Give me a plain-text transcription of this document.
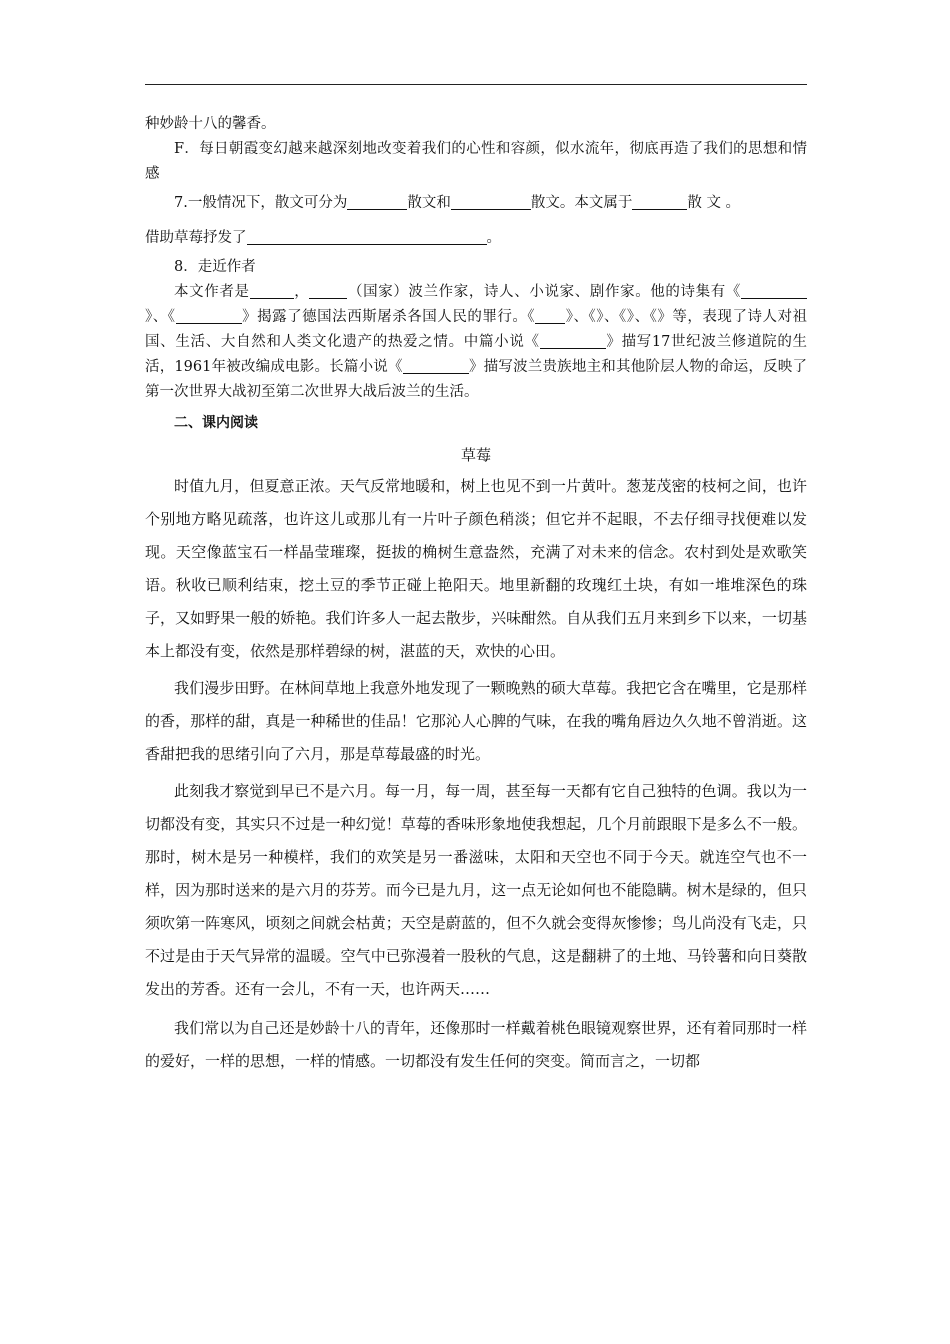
种妙龄十八的馨香。

F．每日朝霞变幻越来越深刻地改变着我们的心性和容颜，似水流年，彻底再造了我们的思想和情感

7.一般情况下，散文可分为	散文和	散文。本文属于	散 文 。

借助草莓抒发了	。

8．走近作者

本文作者是	，	（国家）波兰作家，诗人、小说家、剧作家。他的诗集有《》、《	》揭露了德国法西斯屠杀各国人民的罪行。《 》、《》、《》、《》等，表现了诗人对祖国、生活、大自然和人类文化遗产的热爱之情。中篇小说《	》描写17世纪波兰修道院的生活，1961年被改编成电影。长篇小说《	》描写波兰贵族地主和其他阶层人物的命运，反映了第一次世界大战初至第二次世界大战后波兰的生活。

二、课内阅读

草莓

时值九月，但夏意正浓。天气反常地暖和，树上也见不到一片黄叶。葱茏茂密的枝柯之间，也许个别地方略见疏落，也许这儿或那儿有一片叶子颜色稍淡；但它并不起眼，不去仔细寻找便难以发现。天空像蓝宝石一样晶莹璀璨，挺拔的桷树生意盎然，充满了对未来的信念。农村到处是欢歌笑语。秋收已顺利结束，挖土豆的季节正碰上艳阳天。地里新翻的玫瑰红土块，有如一堆堆深色的珠子，又如野果一般的娇艳。我们许多人一起去散步，兴味酣然。自从我们五月来到乡下以来，一切基本上都没有变，依然是那样碧绿的树，湛蓝的天，欢快的心田。

我们漫步田野。在林间草地上我意外地发现了一颗晚熟的硕大草莓。我把它含在嘴里，它是那样的香，那样的甜，真是一种稀世的佳品！它那沁人心脾的气味，在我的嘴角唇边久久地不曾消逝。这香甜把我的思绪引向了六月，那是草莓最盛的时光。

此刻我才察觉到早已不是六月。每一月，每一周，甚至每一天都有它自己独特的色调。我以为一切都没有变，其实只不过是一种幻觉！草莓的香味形象地使我想起，几个月前跟眼下是多么不一般。那时，树木是另一种模样，我们的欢笑是另一番滋味，太阳和天空也不同于今天。就连空气也不一样，因为那时送来的是六月的芬芳。而今已是九月，这一点无论如何也不能隐瞒。树木是绿的，但只须吹第一阵寒风，顷刻之间就会枯黄；天空是蔚蓝的，但不久就会变得灰惨惨；鸟儿尚没有飞走，只不过是由于天气异常的温暖。空气中已弥漫着一股秋的气息，这是翻耕了的土地、马铃薯和向日葵散发出的芳香。还有一会儿，不有一天，也许两天……

我们常以为自己还是妙龄十八的青年，还像那时一样戴着桃色眼镜观察世界，还有着同那时一样的爱好，一样的思想，一样的情感。一切都没有发生任何的突变。简而言之，一切都
